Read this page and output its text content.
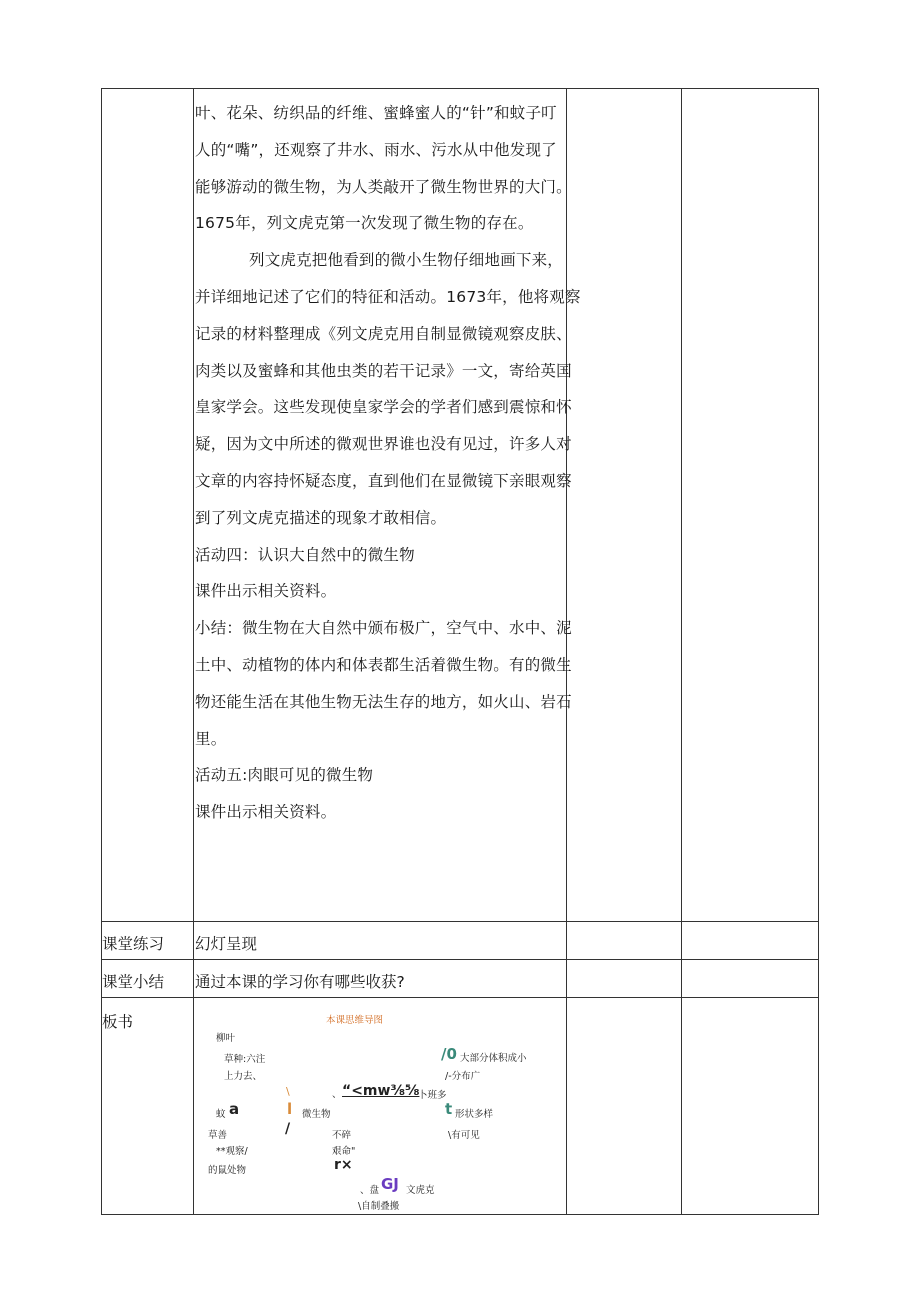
叶、花朵、纺织品的纤维、蜜蜂蜜人的“针”和蚊子叮

人的“嘴”，还观察了井水、雨水、污水从中他发现了

能够游动的微生物，为人类敲开了微生物世界的大门。

1675年，列文虎克第一次发现了微生物的存在。

列文虎克把他看到的微小生物仔细地画下来，

并详细地记述了它们的特征和活动。1673年，他将观察

记录的材料整理成《列文虎克用自制显微镜观察皮肤、

肉类以及蜜蜂和其他虫类的若干记录》一文，寄给英国

皇家学会。这些发现使皇家学会的学者们感到震惊和怀

疑，因为文中所述的微观世界谁也没有见过，许多人对

文章的内容持怀疑态度，直到他们在显微镜下亲眼观察

到了列文虎克描述的现象才敢相信。

活动四：认识大自然中的微生物

课件出示相关资料。

小结：微生物在大自然中颁布极广，空气中、水中、泥

土中、动植物的体内和体表都生活着微生物。有的微生

物还能生活在其他生物无法生存的地方，如火山、岩石

里。

活动五:肉眼可见的微生物

课件出示相关资料。

课堂练习 幻灯呈现
课堂小结 通过本课的学习你有哪些收获?
板书	本课思维导图
柳叶
草种:六注
上力去、
/0 大部分体积成小
/-分布广
\	、 “<mw⅜⅝
卜班多
蚊 a	l 微生物	t 形状多样
草善	/	不碎	\有可见
**观察/	艰命"
的鼠处物	r×
、盘 GJ 文虎克
\自制叠搬
